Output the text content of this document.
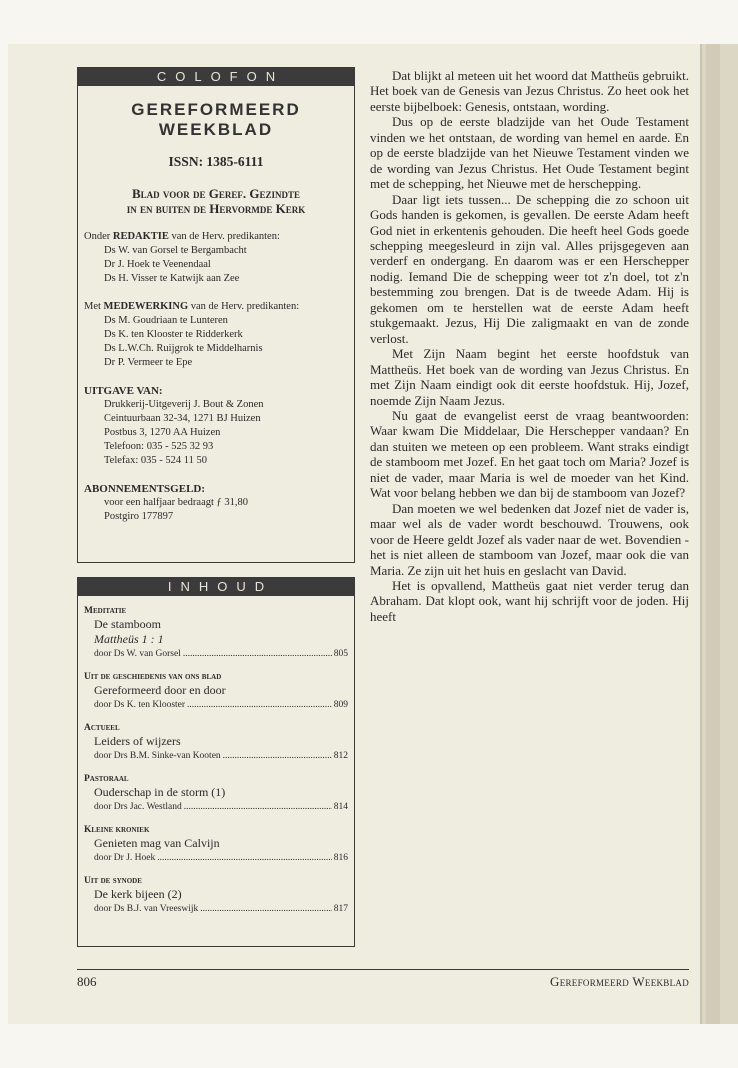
COLOFON
GEREFORMEERD
WEEKBLAD
ISSN: 1385-6111
Blad voor de Geref. Gezindte
in en buiten de Hervormde Kerk
Onder REDAKTIE van de Herv. predikanten:
Ds W. van Gorsel te Bergambacht
Dr J. Hoek te Veenendaal
Ds H. Visser te Katwijk aan Zee
Met MEDEWERKING van de Herv. predikanten:
Ds M. Goudriaan te Lunteren
Ds K. ten Klooster te Ridderkerk
Ds L.W.Ch. Ruijgrok te Middelharnis
Dr P. Vermeer te Epe
UITGAVE VAN:
Drukkerij-Uitgeverij J. Bout & Zonen
Ceintuurbaan 32-34, 1271 BJ Huizen
Postbus 3, 1270 AA Huizen
Telefoon: 035 - 525 32 93
Telefax: 035 - 524 11 50
ABONNEMENTSGELD:
voor een halfjaar bedraagt ƒ 31,80
Postgiro 177897
INHOUD
Meditatie
De stamboom
Mattheüs 1 : 1
door Ds W. van Gorsel .....	805
Uit de geschiedenis van ons blad
Gereformeerd door en door
door Ds K. ten Klooster .....	809
Actueel
Leiders of wijzers
door Drs B.M. Sinke-van Kooten .....	812
Pastoraal
Ouderschap in de storm (1)
door Drs Jac. Westland .....	814
Kleine kroniek
Genieten mag van Calvijn
door Dr J. Hoek .....	816
Uit de synode
De kerk bijeen (2)
door Ds B.J. van Vreeswijk .....	817

Dat blijkt al meteen uit het woord dat Mattheüs gebruikt. Het boek van de Genesis van Jezus Christus. Zo heet ook het eerste bijbelboek: Genesis, ontstaan, wording.

Dus op de eerste bladzijde van het Oude Testament vinden we het ontstaan, de wording van hemel en aarde. En op de eerste bladzijde van het Nieuwe Testament vinden we de wording van Jezus Christus. Het Oude Testament begint met de schepping, het Nieuwe met de herschepping.

Daar ligt iets tussen... De schepping die zo schoon uit Gods handen is gekomen, is gevallen. De eerste Adam heeft God niet in erkentenis gehouden. Die heeft heel Gods goede schepping meegesleurd in zijn val. Alles prijsgegeven aan verderf en ondergang. En daarom was er een Herschepper nodig. Iemand Die de schepping weer tot z'n doel, tot z'n bestemming zou brengen. Dat is de tweede Adam. Hij is gekomen om te herstellen wat de eerste Adam heeft stukgemaakt. Jezus, Hij Die zaligmaakt en van de zonde verlost.

Met Zijn Naam begint het eerste hoofdstuk van Mattheüs. Het boek van de wording van Jezus Christus. En met Zijn Naam eindigt ook dit eerste hoofdstuk. Hij, Jozef, noemde Zijn Naam Jezus.

Nu gaat de evangelist eerst de vraag beantwoorden: Waar kwam Die Middelaar, Die Herschepper vandaan? En dan stuiten we meteen op een probleem. Want straks eindigt de stamboom met Jozef. En het gaat toch om Maria? Jozef is niet de vader, maar Maria is wel de moeder van het Kind. Wat voor belang hebben we dan bij de stamboom van Jozef?

Dan moeten we wel bedenken dat Jozef niet de vader is, maar wel als de vader wordt beschouwd. Trouwens, ook voor de Heere geldt Jozef als vader naar de wet. Bovendien - het is niet alleen de stamboom van Jozef, maar ook die van Maria. Ze zijn uit het huis en geslacht van David.

Het is opvallend, Mattheüs gaat niet verder terug dan Abraham. Dat klopt ook, want hij schrijft voor de joden. Hij heeft

806	Gereformeerd Weekblad
